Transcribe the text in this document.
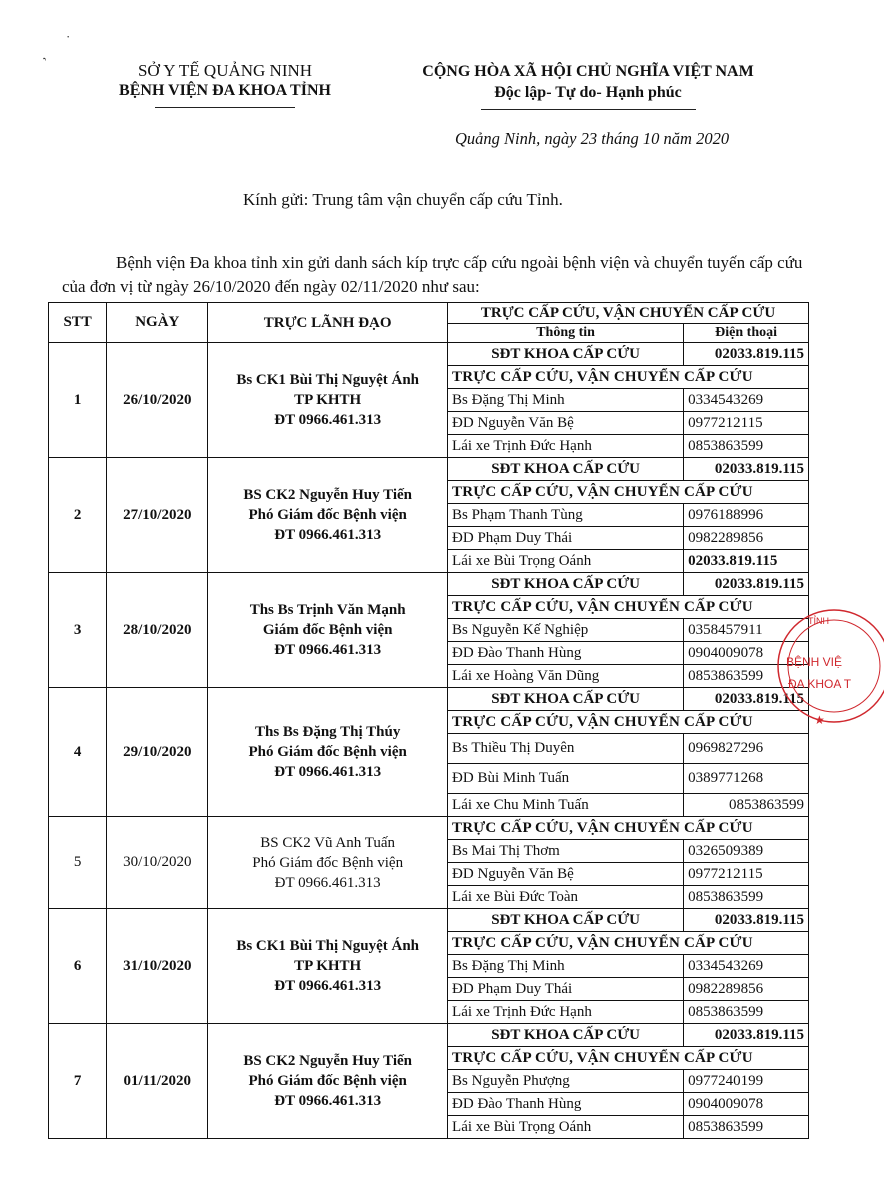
·
,
SỞ Y TẾ QUẢNG NINH
BỆNH VIỆN ĐA KHOA TỈNH
CỘNG HÒA XÃ HỘI CHỦ NGHĨA VIỆT NAM
Độc lập- Tự do- Hạnh phúc
Quảng Ninh, ngày 23 tháng 10 năm 2020
Kính gửi: Trung tâm vận chuyển cấp cứu Tỉnh.
Bệnh viện Đa khoa tỉnh xin gửi danh sách kíp trực cấp cứu ngoài bệnh viện và chuyển tuyến cấp cứu của đơn vị từ ngày 26/10/2020 đến ngày 02/11/2020 như sau:
STT	NGÀY	TRỰC LÃNH ĐẠO	TRỰC CẤP CỨU, VẬN CHUYỂN CẤP CỨU	
			Thông tin	Điện thoại
1	26/10/2020	Bs CK1 Bùi Thị Nguyệt Ánh
TP KHTH
ĐT 0966.461.313	SĐT KHOA CẤP CỨU	02033.819.115
			TRỰC CẤP CỨU, VẬN CHUYỂN CẤP CỨU	
			Bs Đặng Thị Minh	0334543269
			ĐD Nguyễn Văn Bệ	0977212115
			Lái xe Trịnh Đức Hạnh	0853863599
2	27/10/2020	BS CK2 Nguyễn Huy Tiến
Phó Giám đốc Bệnh viện
ĐT 0966.461.313	SĐT KHOA CẤP CỨU	02033.819.115
			TRỰC CẤP CỨU, VẬN CHUYỂN CẤP CỨU	
			Bs Phạm Thanh Tùng	0976188996
			ĐD Phạm Duy Thái	0982289856
			Lái xe Bùi Trọng Oánh	02033.819.115
3	28/10/2020	Ths Bs Trịnh Văn Mạnh
Giám đốc Bệnh viện
ĐT 0966.461.313	SĐT KHOA CẤP CỨU	02033.819.115
			TRỰC CẤP CỨU, VẬN CHUYỂN CẤP CỨU	
			Bs Nguyễn Kế Nghiệp	0358457911
			ĐD Đào Thanh Hùng	0904009078
			Lái xe Hoàng Văn Dũng	0853863599
4	29/10/2020	Ths Bs Đặng Thị Thúy
Phó Giám đốc Bệnh viện
ĐT 0966.461.313	SĐT KHOA CẤP CỨU	02033.819.115
			TRỰC CẤP CỨU, VẬN CHUYỂN CẤP CỨU	
			Bs Thiều Thị Duyên	0969827296
			ĐD Bùi Minh Tuấn	0389771268
			Lái xe Chu Minh Tuấn	0853863599
5	30/10/2020	BS CK2 Vũ Anh Tuấn
Phó Giám đốc Bệnh viện
ĐT 0966.461.313	TRỰC CẤP CỨU, VẬN CHUYỂN CẤP CỨU	
			Bs Mai Thị Thơm	0326509389
			ĐD Nguyễn Văn Bệ	0977212115
			Lái xe Bùi Đức Toàn	0853863599
6	31/10/2020	Bs CK1 Bùi Thị Nguyệt Ánh
TP KHTH
ĐT 0966.461.313	SĐT KHOA CẤP CỨU	02033.819.115
			TRỰC CẤP CỨU, VẬN CHUYỂN CẤP CỨU	
			Bs Đặng Thị Minh	0334543269
			ĐD Phạm Duy Thái	0982289856
			Lái xe Trịnh Đức Hạnh	0853863599
7	01/11/2020	BS CK2 Nguyễn Huy Tiến
Phó Giám đốc Bệnh viện
ĐT 0966.461.313	SĐT KHOA CẤP CỨU	02033.819.115
			TRỰC CẤP CỨU, VẬN CHUYỂN CẤP CỨU	
			Bs Nguyễn Phượng	0977240199
			ĐD Đào Thanh Hùng	0904009078
			Lái xe Bùi Trọng Oánh	0853863599
TỈNH
BỆNH VIỆ
ĐA KHOA T
★
